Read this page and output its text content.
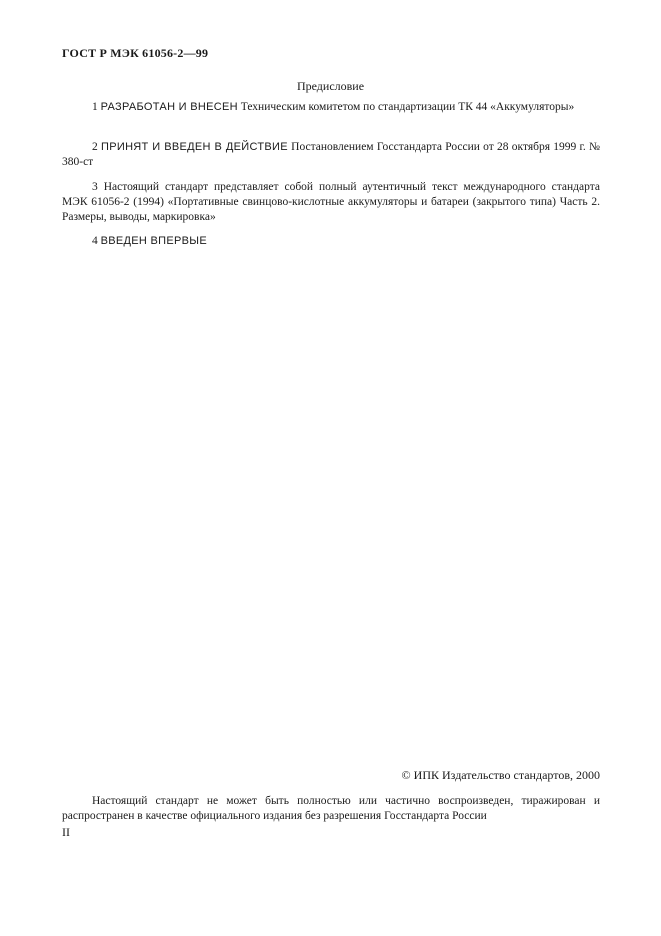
ГОСТ Р МЭК 61056-2—99
Предисловие
1 РАЗРАБОТАН И ВНЕСЕН Техническим комитетом по стандартизации ТК 44 «Аккумуляторы»
2 ПРИНЯТ И ВВЕДЕН В ДЕЙСТВИЕ Постановлением Госстандарта России от 28 октября 1999 г. № 380-ст
3 Настоящий стандарт представляет собой полный аутентичный текст международного стандарта МЭК 61056-2 (1994) «Портативные свинцово-кислотные аккумуляторы и батареи (закрытого типа) Часть 2. Размеры, выводы, маркировка»
4 ВВЕДЕН ВПЕРВЫЕ
© ИПК Издательство стандартов, 2000
Настоящий стандарт не может быть полностью или частично воспроизведен, тиражирован и распространен в качестве официального издания без разрешения Госстандарта России
II
